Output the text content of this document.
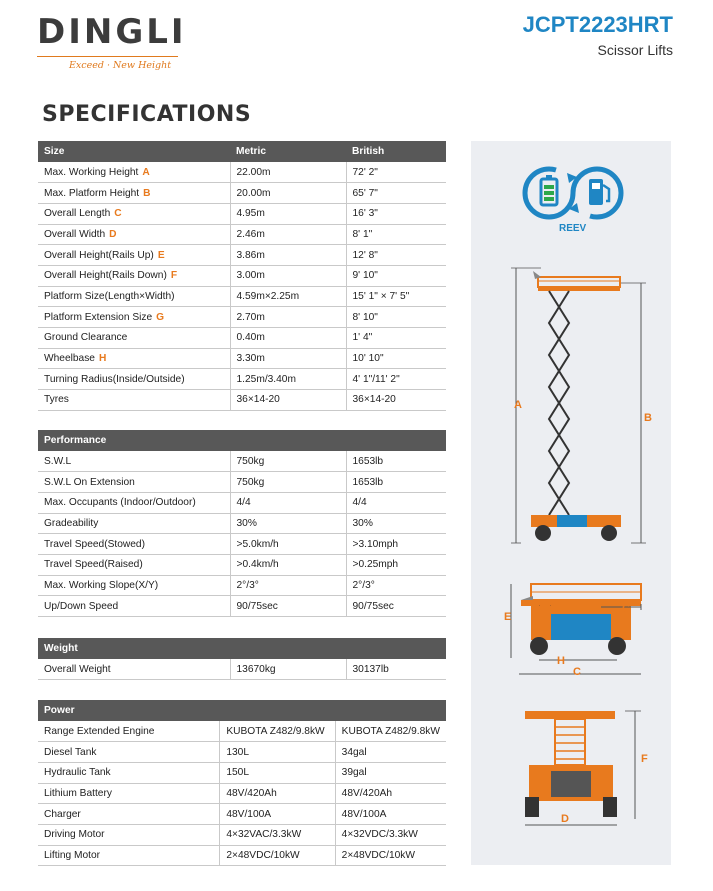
DINGLI
Exceed · New Height
JCPT2223HRT
Scissor Lifts
SPECIFICATIONS
Size	Metric	British
Max. Working Height A	22.00m	72' 2"
Max. Platform Height B	20.00m	65' 7"
Overall Length C	4.95m	16' 3"
Overall Width D	2.46m	8' 1"
Overall Height(Rails Up) E	3.86m	12' 8"
Overall Height(Rails Down) F	3.00m	9' 10"
Platform Size(Length×Width)	4.59m×2.25m	15' 1" × 7' 5"
Platform Extension Size G	2.70m	8' 10"
Ground Clearance	0.40m	1' 4"
Wheelbase H	3.30m	10' 10"
Turning Radius(Inside/Outside)	1.25m/3.40m	4' 1"/11' 2"
Tyres	36×14-20	36×14-20
Performance		
S.W.L	750kg	1653lb
S.W.L On Extension	750kg	1653lb
Max. Occupants (Indoor/Outdoor)	4/4	4/4
Gradeability	30%	30%
Travel Speed(Stowed)	>5.0km/h	>3.10mph
Travel Speed(Raised)	>0.4km/h	>0.25mph
Max. Working Slope(X/Y)	2°/3°	2°/3°
Up/Down Speed	90/75sec	90/75sec
Weight		
Overall Weight	13670kg	30137lb
Power		
Range Extended Engine	KUBOTA Z482/9.8kW	KUBOTA Z482/9.8kW
Diesel Tank	130L	34gal
Hydraulic Tank	150L	39gal
Lithium Battery	48V/420Ah	48V/420Ah
Charger	48V/100A	48V/100A
Driving Motor	4×32VAC/3.3kW	4×32VDC/3.3kW
Lifting Motor	2×48VDC/10kW	2×48VDC/10kW
REEV
A
B
E
G
H
C
F
D
